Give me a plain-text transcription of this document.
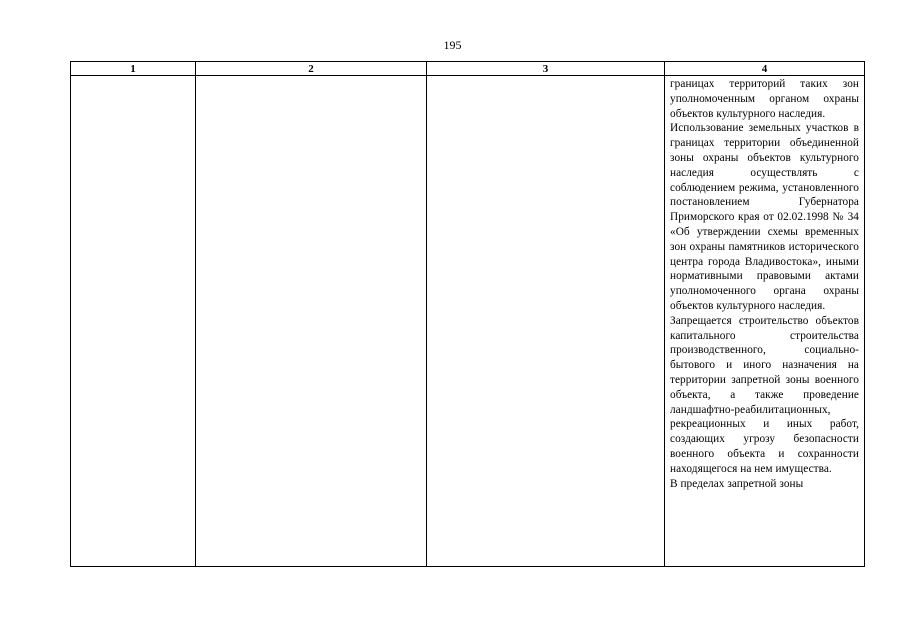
195
1	2	3	4

			границах территорий таких зон уполномоченным органом охраны объектов культурного наследия.

Использование земельных участков в границах территории объединенной зоны охраны объектов культурного наследия осуществлять с соблюдением режима, установленного постановлением Губернатора Приморского края от 02.02.1998 № 34 «Об утверждении схемы временных зон охраны памятников исторического центра города Владивостока», иными нормативными правовыми актами уполномоченного органа охраны объектов культурного наследия.

Запрещается строительство объектов капитального строительства производственного, социально-бытового и иного назначения на территории запретной зоны военного объекта, а также проведение ландшафтно-реабилитационных, рекреационных и иных работ, создающих угрозу безопасности военного объекта и сохранности находящегося на нем имущества.

В пределах запретной зоны
